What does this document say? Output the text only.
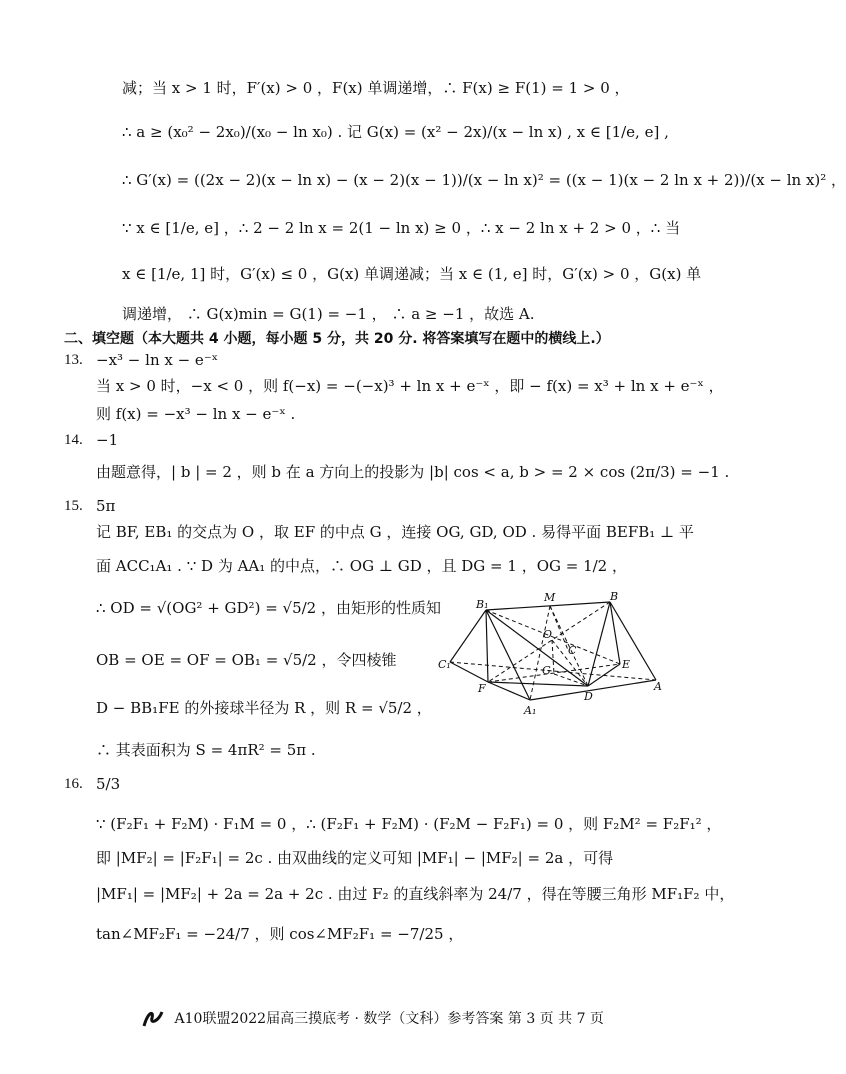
减；当 x > 1 时，F′(x) > 0 ，F(x) 单调递增，∴ F(x) ≥ F(1) = 1 > 0 ，
∴ a ≥ (x₀² − 2x₀)/(x₀ − ln x₀) . 记 G(x) = (x² − 2x)/(x − ln x) , x ∈ [1/e, e] ,
∴ G′(x) = ((2x − 2)(x − ln x) − (x − 2)(x − 1))/(x − ln x)² = ((x − 1)(x − 2 ln x + 2))/(x − ln x)² ，
∵ x ∈ [1/e, e] ，∴ 2 − 2 ln x = 2(1 − ln x) ≥ 0 ，∴ x − 2 ln x + 2 > 0 ，∴ 当
x ∈ [1/e, 1] 时，G′(x) ≤ 0 ，G(x) 单调递减；当 x ∈ (1, e] 时，G′(x) > 0 ，G(x) 单
调递增， ∴ G(x)min = G(1) = −1 ， ∴ a ≥ −1 ，故选 A.
二、填空题（本大题共 4 小题，每小题 5 分，共 20 分. 将答案填写在题中的横线上.）
13. −x³ − ln x − e⁻ˣ
当 x > 0 时，−x < 0 ，则 f(−x) = −(−x)³ + ln x + e⁻ˣ ，即 − f(x) = x³ + ln x + e⁻ˣ ，
则 f(x) = −x³ − ln x − e⁻ˣ .
14. −1
由题意得，| b | = 2 ，则 b 在 a 方向上的投影为 |b| cos < a, b > = 2 × cos (2π/3) = −1 .
15. 5π
记 BF, EB₁ 的交点为 O ，取 EF 的中点 G ，连接 OG, GD, OD . 易得平面 BEFB₁ ⊥ 平
面 ACC₁A₁ . ∵ D 为 AA₁ 的中点，∴ OG ⊥ GD ，且 DG = 1 ，OG = 1/2 ，
∴ OD = √(OG² + GD²) = √5/2 ，由矩形的性质知
OB = OE = OF = OB₁ = √5/2 ，令四棱锥
D − BB₁FE 的外接球半径为 R ，则 R = √5/2 ，
∴ 其表面积为 S = 4πR² = 5π .
B₁
M	B
O
C₁
C
E
F
G
A
A₁
D
16. 5/3
∵ (F₂F₁ + F₂M) · F₁M = 0 ，∴ (F₂F₁ + F₂M) · (F₂M − F₂F₁) = 0 ，则 F₂M² = F₂F₁² ，
即 |MF₂| = |F₂F₁| = 2c . 由双曲线的定义可知 |MF₁| − |MF₂| = 2a ，可得
|MF₁| = |MF₂| + 2a = 2a + 2c . 由过 F₂ 的直线斜率为 24/7 ，得在等腰三角形 MF₁F₂ 中，
tan∠MF₂F₁ = −24/7 ，则 cos∠MF₂F₁ = −7/25 ，
A10联盟2022届高三摸底考 · 数学（文科）参考答案 第 3 页 共 7 页
